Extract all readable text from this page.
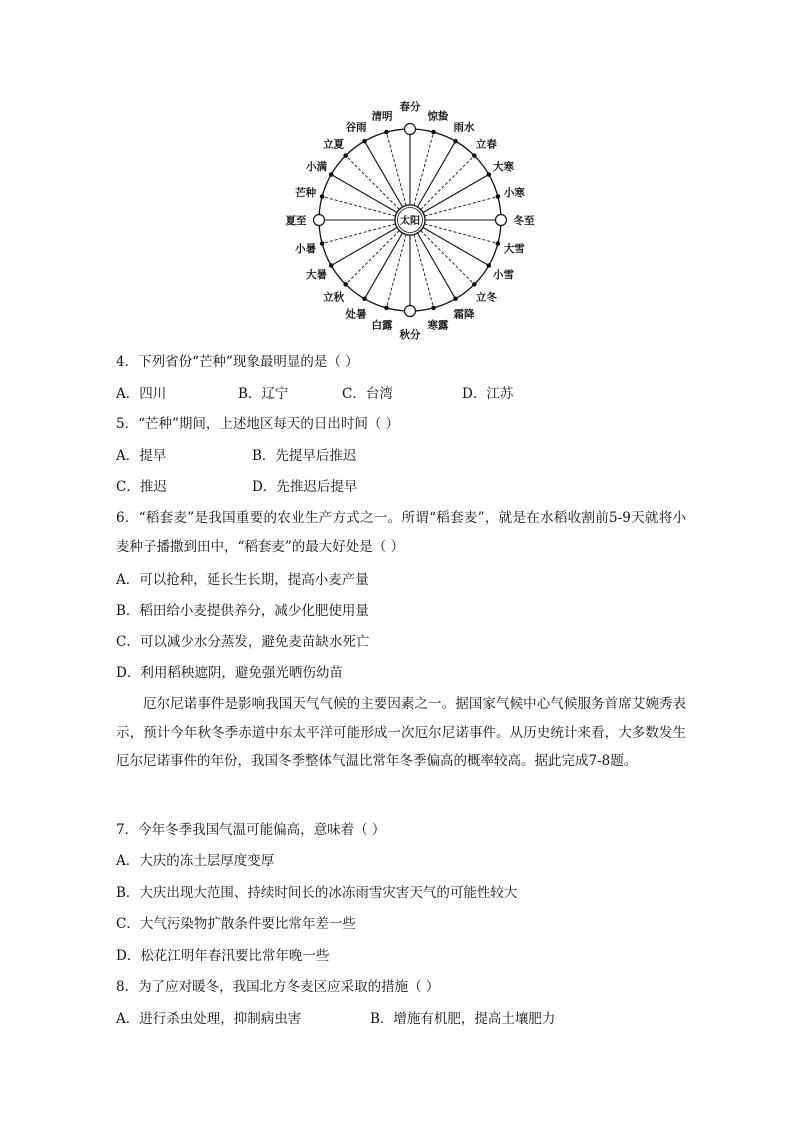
春分
惊蛰
雨水
立春
大寒
小寒
冬至
大雪
小雪
立冬
霜降
寒露
秋分
白露
处暑
立秋
大暑
小暑
夏至
芒种
小满
立夏
谷雨
清明
太阳
4．下列省份“芒种”现象最明显的是（ ）
A．四川	B．辽宁	C．台湾	D．江苏
5．“芒种”期间，上述地区每天的日出时间（ ）
A．提早	B．先提早后推迟
C．推迟	D．先推迟后提早
6．“稻套麦”是我国重要的农业生产方式之一。所谓“稻套麦”，就是在水稻收割前5-9天就将小麦种子播撒到田中，“稻套麦”的最大好处是（ ）
A．可以抢种，延长生长期，提高小麦产量
B．稻田给小麦提供养分，减少化肥使用量
C．可以减少水分蒸发，避免麦苗缺水死亡
D．利用稻秧遮阴，避免强光晒伤幼苗
厄尔尼诺事件是影响我国天气气候的主要因素之一。据国家气候中心气候服务首席艾婉秀表示，预计今年秋冬季赤道中东太平洋可能形成一次厄尔尼诺事件。从历史统计来看，大多数发生厄尔尼诺事件的年份，我国冬季整体气温比常年冬季偏高的概率较高。据此完成7-8题。
7．今年冬季我国气温可能偏高，意味着（ ）
A．大庆的冻土层厚度变厚
B．大庆出现大范围、持续时间长的冰冻雨雪灾害天气的可能性较大
C．大气污染物扩散条件要比常年差一些
D．松花江明年春汛要比常年晚一些
8．为了应对暖冬，我国北方冬麦区应采取的措施（ ）
A．进行杀虫处理，抑制病虫害	B．增施有机肥，提高土壤肥力
